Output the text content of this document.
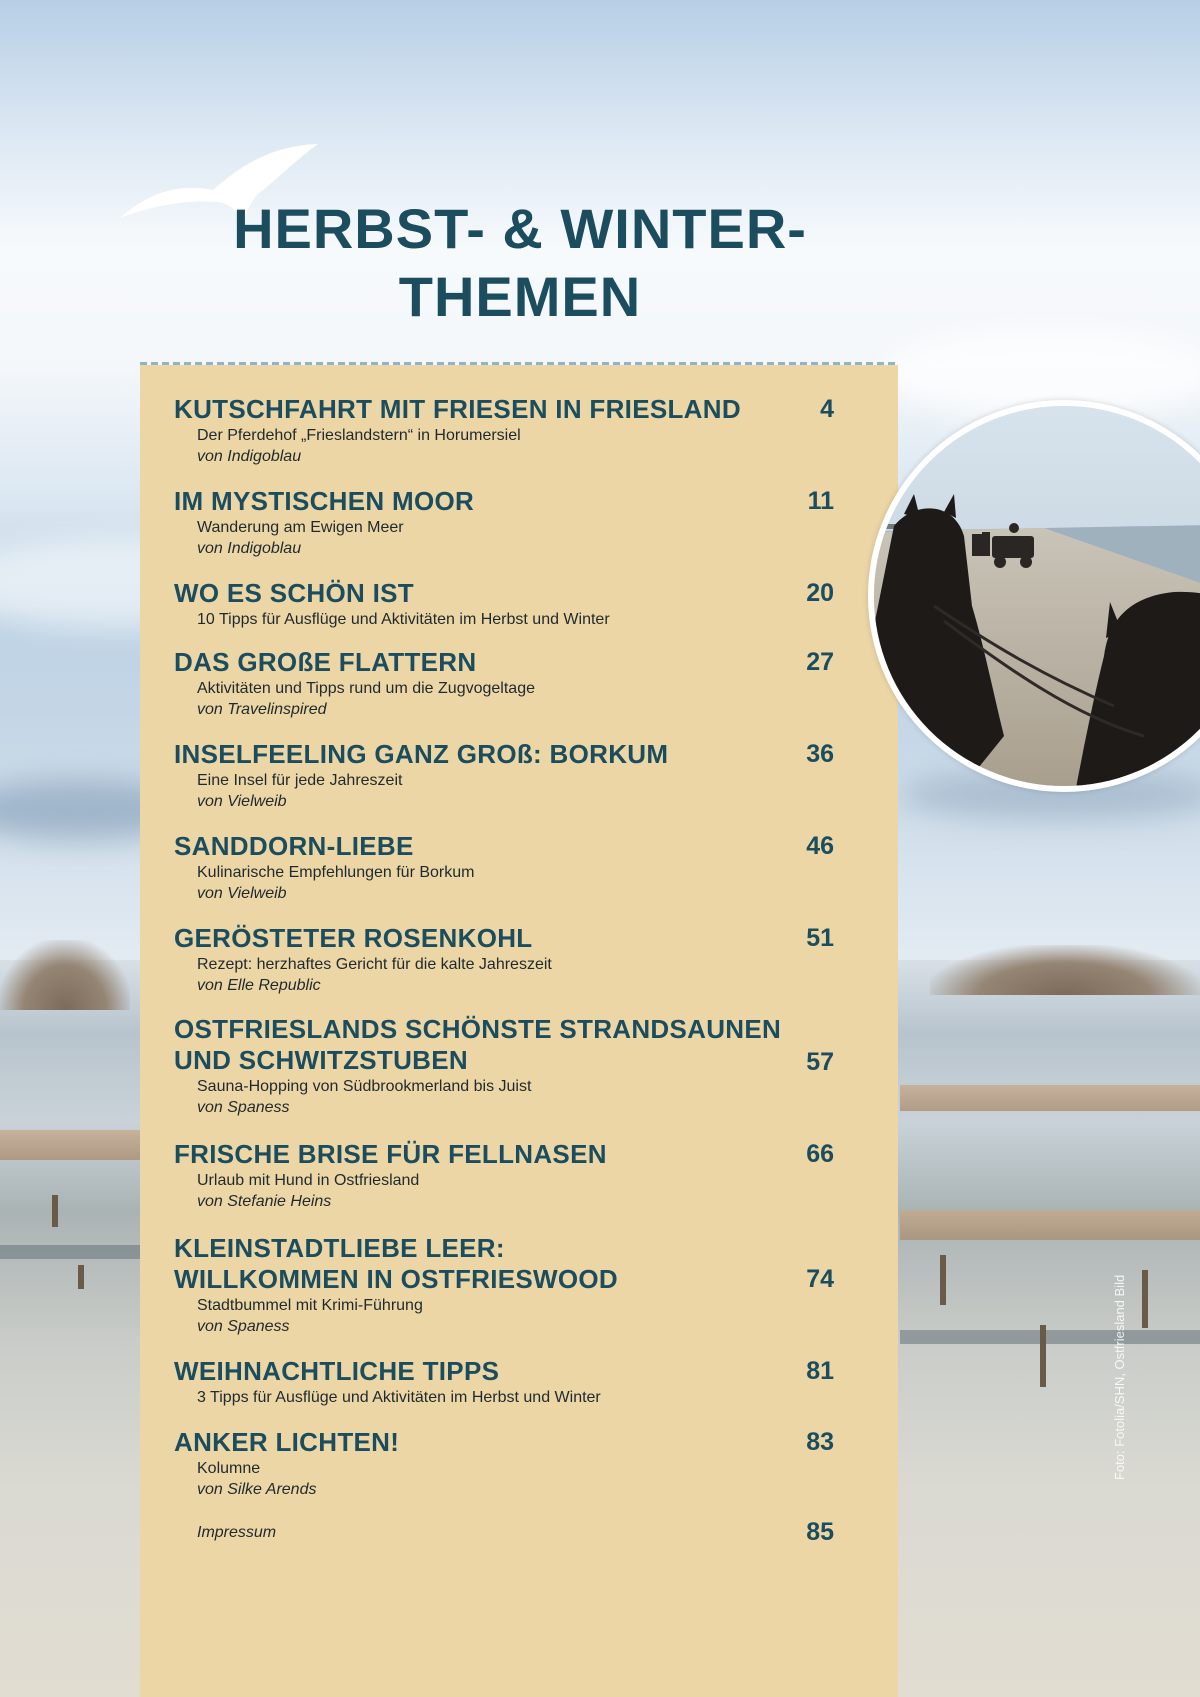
HERBST- & WINTER-
THEMEN
4
KUTSCHFAHRT MIT FRIESEN IN FRIESLAND
Der Pferdehof „Frieslandstern“ in Horumersiel
von Indigoblau
11
IM MYSTISCHEN MOOR
Wanderung am Ewigen Meer
von Indigoblau
20
WO ES SCHÖN IST
10 Tipps für Ausflüge und Aktivitäten im Herbst und Winter
27
DAS GROßE FLATTERN
Aktivitäten und Tipps rund um die Zugvogeltage
von Travelinspired
36
INSELFEELING GANZ GROß: BORKUM
Eine Insel für jede Jahreszeit
von Vielweib
46
SANDDORN-LIEBE
Kulinarische Empfehlungen für Borkum
von Vielweib
51
GERÖSTETER ROSENKOHL
Rezept: herzhaftes Gericht für die kalte Jahreszeit
von Elle Republic
57
OSTFRIESLANDS SCHÖNSTE STRANDSAUNEN
UND SCHWITZSTUBEN
Sauna-Hopping von Südbrookmerland bis Juist
von Spaness
66
FRISCHE BRISE FÜR FELLNASEN
Urlaub mit Hund in Ostfriesland
von Stefanie Heins
74
KLEINSTADTLIEBE LEER:
WILLKOMMEN IN OSTFRIESWOOD
Stadtbummel mit Krimi-Führung
von Spaness
81
WEIHNACHTLICHE TIPPS
3 Tipps für Ausflüge und Aktivitäten im Herbst und Winter
83
ANKER LICHTEN!
Kolumne
von Silke Arends
85
Impressum
Foto: Fotolia/SHN, Ostfriesland Bild
